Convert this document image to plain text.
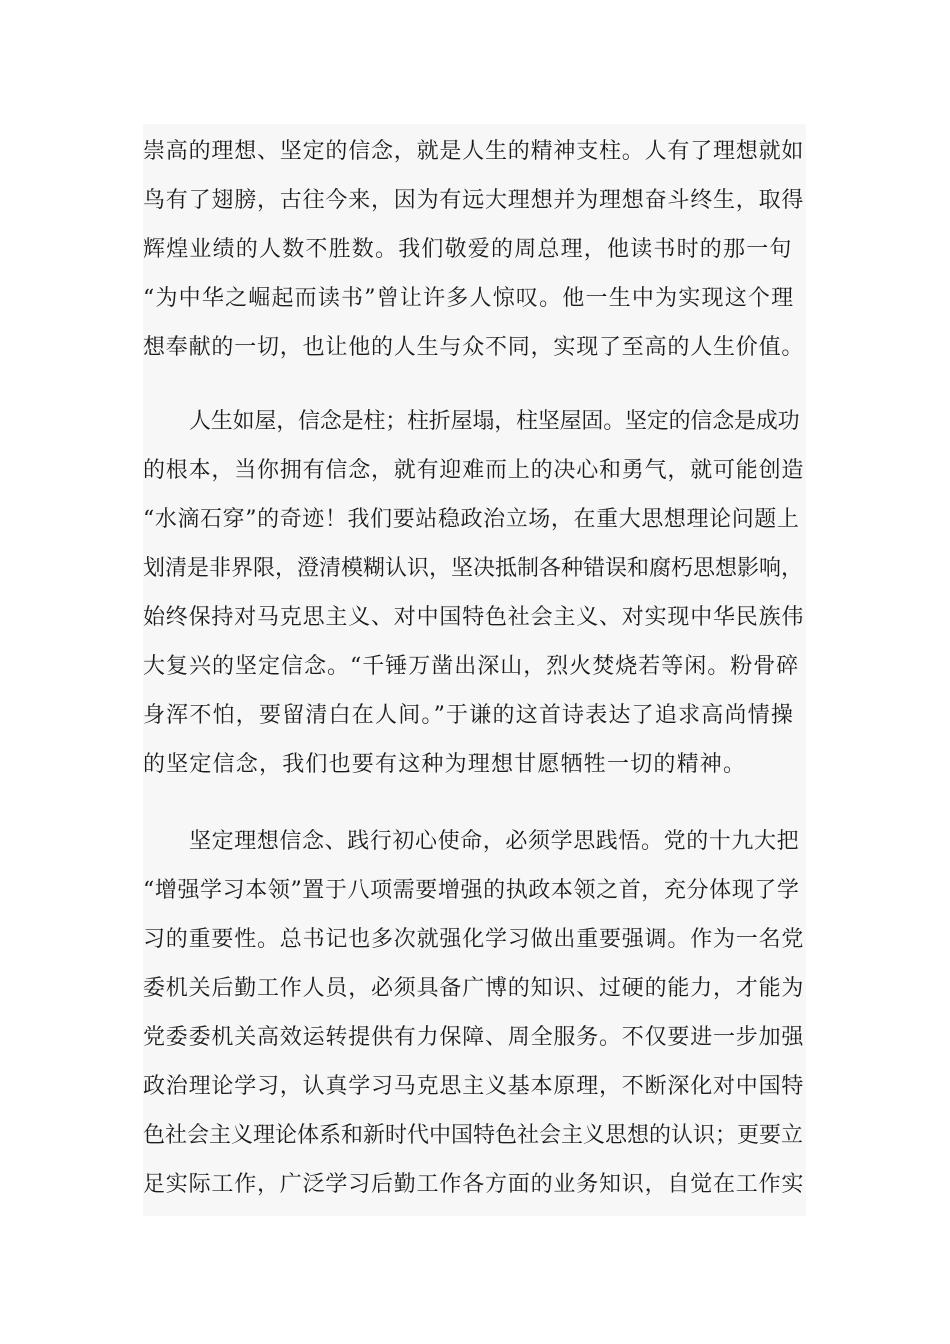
崇高的理想、坚定的信念，就是人生的精神支柱。人有了理想就如
鸟有了翅膀，古往今来，因为有远大理想并为理想奋斗终生，取得
辉煌业绩的人数不胜数。我们敬爱的周总理，他读书时的那一句
“为中华之崛起而读书”曾让许多人惊叹。他一生中为实现这个理
想奉献的一切，也让他的人生与众不同，实现了至高的人生价值。
人生如屋，信念是柱；柱折屋塌，柱坚屋固。坚定的信念是成功
的根本，当你拥有信念，就有迎难而上的决心和勇气，就可能创造
“水滴石穿”的奇迹！我们要站稳政治立场，在重大思想理论问题上
划清是非界限，澄清模糊认识，坚决抵制各种错误和腐朽思想影响，
始终保持对马克思主义、对中国特色社会主义、对实现中华民族伟
大复兴的坚定信念。“千锤万凿出深山，烈火焚烧若等闲。粉骨碎
身浑不怕，要留清白在人间。”于谦的这首诗表达了追求高尚情操
的坚定信念，我们也要有这种为理想甘愿牺牲一切的精神。
坚定理想信念、践行初心使命，必须学思践悟。党的十九大把
“增强学习本领”置于八项需要增强的执政本领之首，充分体现了学
习的重要性。总书记也多次就强化学习做出重要强调。作为一名党
委机关后勤工作人员，必须具备广博的知识、过硬的能力，才能为
党委委机关高效运转提供有力保障、周全服务。不仅要进一步加强
政治理论学习，认真学习马克思主义基本原理，不断深化对中国特
色社会主义理论体系和新时代中国特色社会主义思想的认识；更要立
足实际工作，广泛学习后勤工作各方面的业务知识，自觉在工作实
